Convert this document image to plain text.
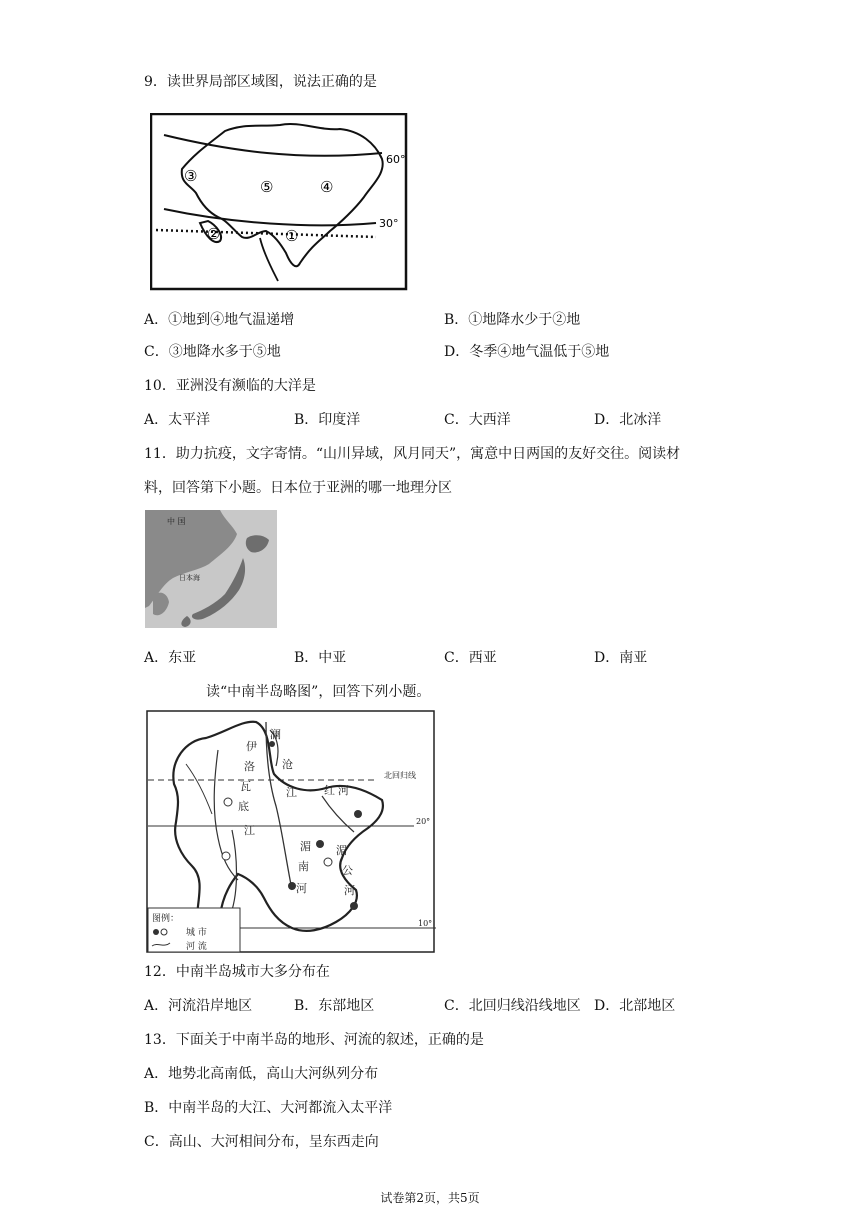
9．读世界局部区域图，说法正确的是
60°
30°
①
②
③
④
⑤
A．①地到④地气温递增	B．①地降水少于②地
C．③地降水多于⑤地	D．冬季④地气温低于⑤地
10．亚洲没有濒临的大洋是
A．太平洋	B．印度洋	C．大西洋	D．北冰洋
11．助力抗疫，文字寄情。“山川异域，风月同天”，寓意中日两国的友好交往。阅读材
料，回答第下小题。日本位于亚洲的哪一地理分区
中 国
日本海
A．东亚	B．中亚	C．西亚	D．南亚
读“中南半岛略图”，回答下列小题。
澜
沧
江
伊
洛
瓦
底
江
湄
南
河
湄
公
河
红 河
北回归线
20°
10°
图例：
城 市
河 流
12．中南半岛城市大多分布在
A．河流沿岸地区	B．东部地区	C．北回归线沿线地区 D．北部地区
13．下面关于中南半岛的地形、河流的叙述，正确的是
A．地势北高南低，高山大河纵列分布
B．中南半岛的大江、大河都流入太平洋
C．高山、大河相间分布，呈东西走向
试卷第2页，共5页
